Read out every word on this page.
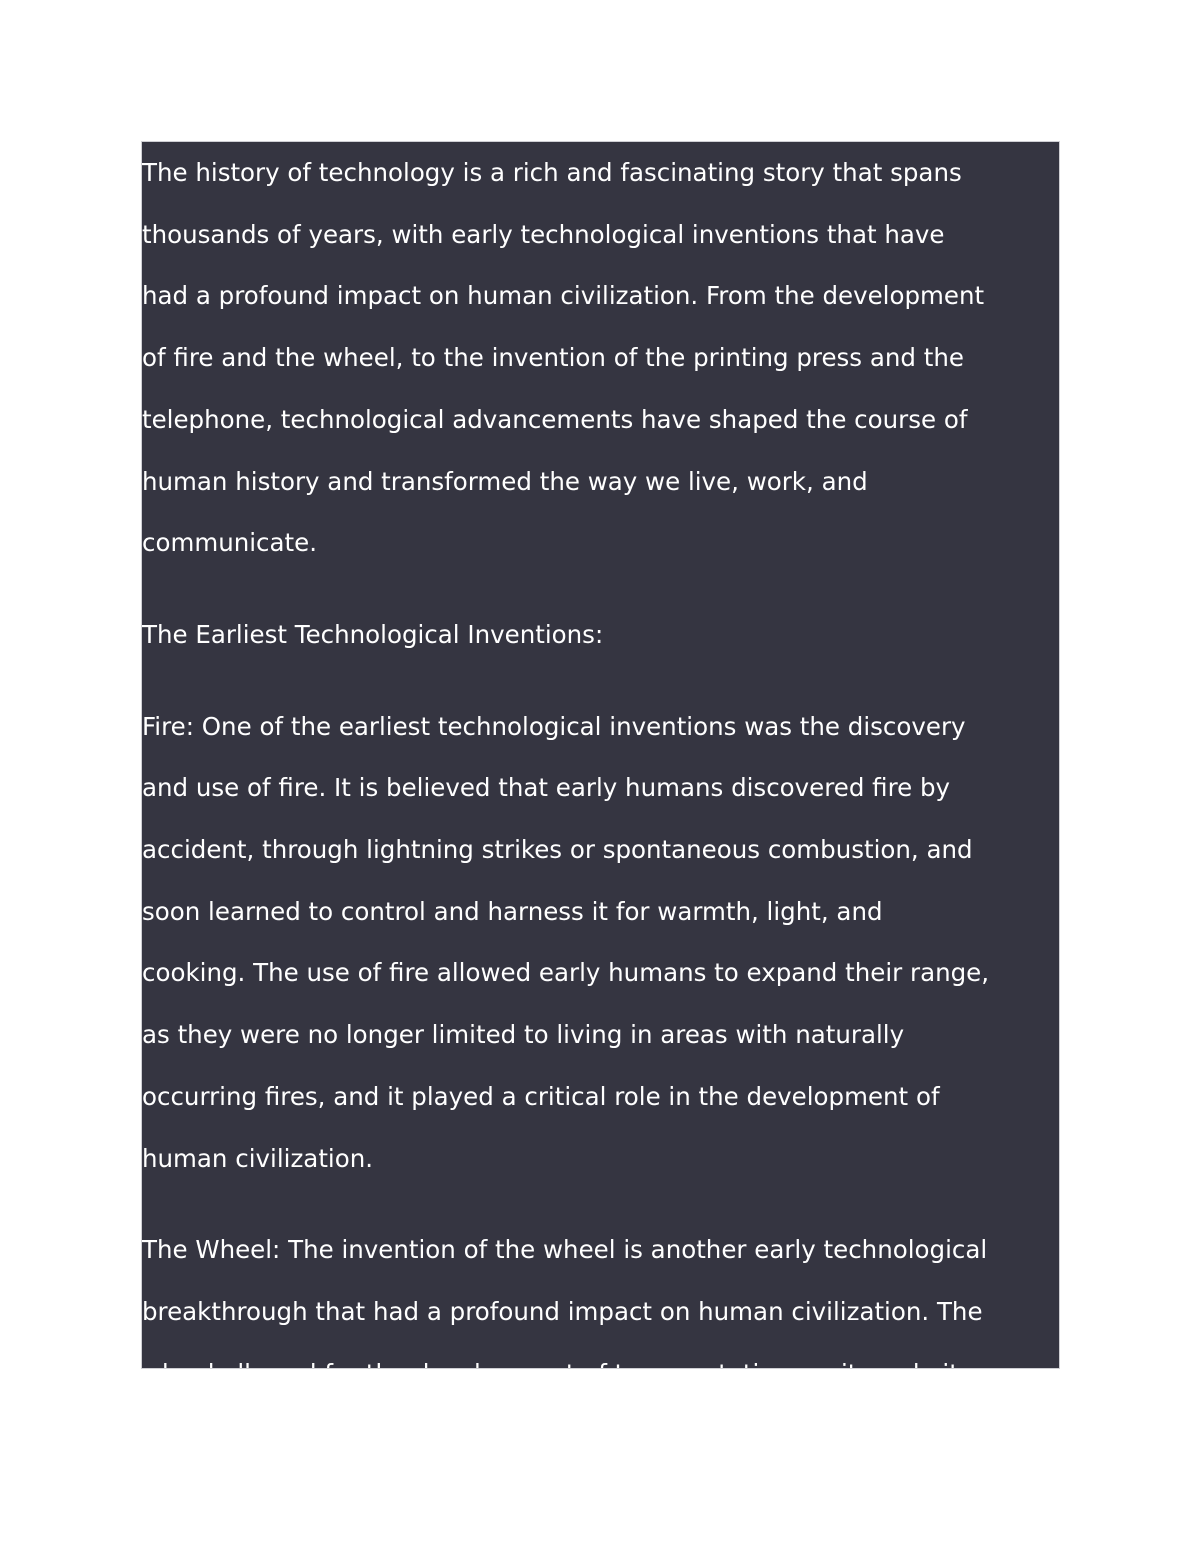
The history of technology is a rich and fascinating story that spans
thousands of years, with early technological inventions that have
had a profound impact on human civilization. From the development
of fire and the wheel, to the invention of the printing press and the
telephone, technological advancements have shaped the course of
human history and transformed the way we live, work, and
communicate.

The Earliest Technological Inventions:

Fire: One of the earliest technological inventions was the discovery
and use of fire. It is believed that early humans discovered fire by
accident, through lightning strikes or spontaneous combustion, and
soon learned to control and harness it for warmth, light, and
cooking. The use of fire allowed early humans to expand their range,
as they were no longer limited to living in areas with naturally
occurring fires, and it played a critical role in the development of
human civilization.

The Wheel: The invention of the wheel is another early technological
breakthrough that had a profound impact on human civilization. The
wheel allowed for the development of transportation, as it made it
